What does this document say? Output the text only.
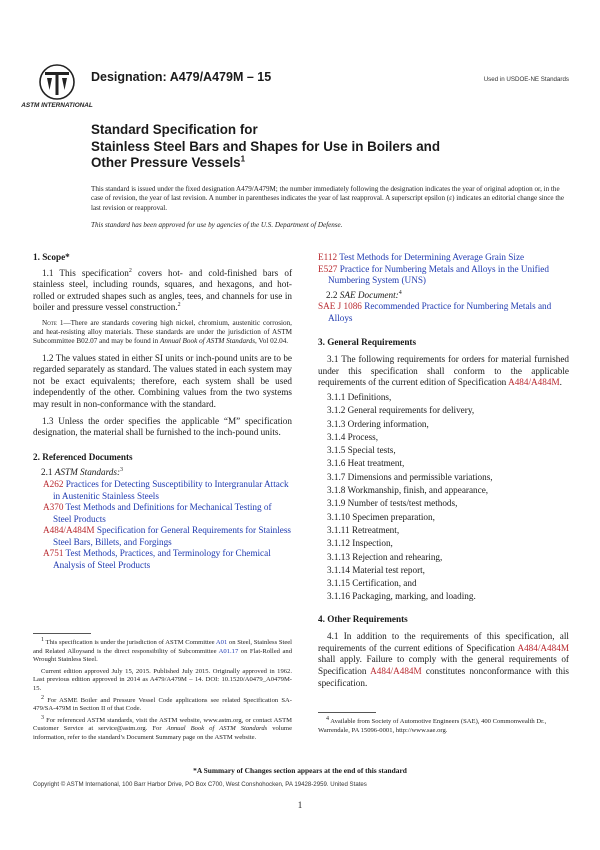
ASTM INTERNATIONAL
Designation: A479/A479M – 15	Used in USDOE-NE Standards
Standard Specification for
Stainless Steel Bars and Shapes for Use in Boilers and
Other Pressure Vessels$^1$

This standard is issued under the fixed designation A479/A479M; the number immediately following the designation indicates the year of original adoption or, in the case of revision, the year of last revision. A number in parentheses indicates the year of last reapproval. A superscript epsilon (ε) indicates an editorial change since the last revision or reapproval.

This standard has been approved for use by agencies of the U.S. Department of Defense.

1. Scope*

1.1 This specification$^2$ covers hot- and cold-finished bars of stainless steel, including rounds, squares, and hexagons, and hot-rolled or extruded shapes such as angles, tees, and channels for use in boiler and pressure vessel construction.$^2$

Note 1—There are standards covering high nickel, chromium, austenitic corrosion, and heat-resisting alloy materials. These standards are under the jurisdiction of ASTM Subcommittee B02.07 and may be found in Annual Book of ASTM Standards, Vol 02.04.

1.2 The values stated in either SI units or inch-pound units are to be regarded separately as standard. The values stated in each system may not be exact equivalents; therefore, each system shall be used independently of the other. Combining values from the two systems may result in non-conformance with the standard.

1.3 Unless the order specifies the applicable “M” specification designation, the material shall be furnished to the inch-pound units.

2. Referenced Documents

2.1 ASTM Standards:$^3$

A262 Practices for Detecting Susceptibility to Intergranular Attack in Austenitic Stainless Steels

A370 Test Methods and Definitions for Mechanical Testing of Steel Products

A484/A484M Specification for General Requirements for Stainless Steel Bars, Billets, and Forgings

A751 Test Methods, Practices, and Terminology for Chemical Analysis of Steel Products

E112 Test Methods for Determining Average Grain Size

E527 Practice for Numbering Metals and Alloys in the Unified Numbering System (UNS)

2.2 SAE Document:$^4$

SAE J 1086 Recommended Practice for Numbering Metals and Alloys

3. General Requirements

3.1 The following requirements for orders for material furnished under this specification shall conform to the applicable requirements of the current edition of Specification A484/A484M.

3.1.1 Definitions,

3.1.2 General requirements for delivery,

3.1.3 Ordering information,

3.1.4 Process,

3.1.5 Special tests,

3.1.6 Heat treatment,

3.1.7 Dimensions and permissible variations,

3.1.8 Workmanship, finish, and appearance,

3.1.9 Number of tests/test methods,

3.1.10 Specimen preparation,

3.1.11 Retreatment,

3.1.12 Inspection,

3.1.13 Rejection and rehearing,

3.1.14 Material test report,

3.1.15 Certification, and

3.1.16 Packaging, marking, and loading.

4. Other Requirements

4.1 In addition to the requirements of this specification, all requirements of the current editions of Specification A484/A484M shall apply. Failure to comply with the general requirements of Specification A484/A484M constitutes nonconformance with this specification.

$^1$ This specification is under the jurisdiction of ASTM Committee A01 on Steel, Stainless Steel and Related Alloysand is the direct responsibility of Subcommittee A01.17 on Flat-Rolled and Wrought Stainless Steel.

Current edition approved July 15, 2015. Published July 2015. Originally approved in 1962. Last previous edition approved in 2014 as A479/A479M – 14. DOI: 10.1520/A0479_A0479M-15.

$^2$ For ASME Boiler and Pressure Vessel Code applications see related Specification SA-479/SA-479M in Section II of that Code.

$^3$ For referenced ASTM standards, visit the ASTM website, www.astm.org, or contact ASTM Customer Service at service@astm.org. For Annual Book of ASTM Standards volume information, refer to the standard’s Document Summary page on the ASTM website.

$^4$ Available from Society of Automotive Engineers (SAE), 400 Commonwealth Dr., Warrendale, PA 15096-0001, http://www.sae.org.

*A Summary of Changes section appears at the end of this standard
Copyright © ASTM International, 100 Barr Harbor Drive, PO Box C700, West Conshohocken, PA 19428-2959. United States
1
